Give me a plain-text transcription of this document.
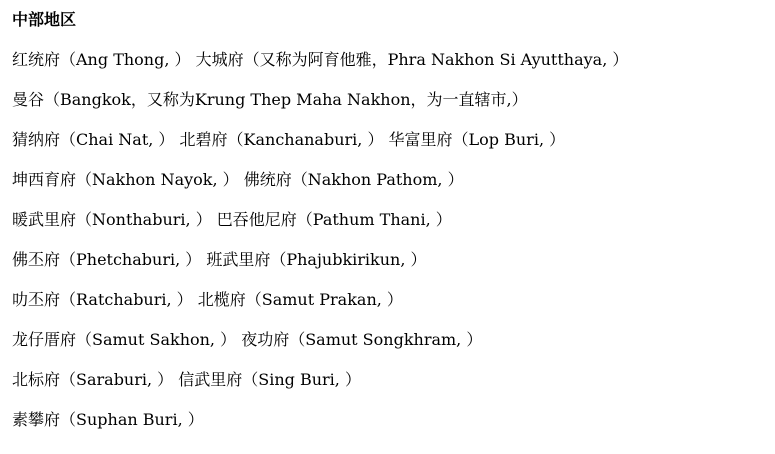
中部地区
红统府（Ang Thong, ） 大城府（又称为阿育他雅，Phra Nakhon Si Ayutthaya, ）
曼谷（Bangkok，又称为Krung Thep Maha Nakhon，为一直辖市,）
猜纳府（Chai Nat, ） 北碧府（Kanchanaburi, ） 华富里府（Lop Buri, ）
坤西育府（Nakhon Nayok, ） 佛统府（Nakhon Pathom, ）
暖武里府（Nonthaburi, ） 巴吞他尼府（Pathum Thani, ）
佛丕府（Phetchaburi, ） 班武里府（Phajubkirikun, ）
叻丕府（Ratchaburi, ） 北榄府（Samut Prakan, ）
龙仔厝府（Samut Sakhon, ） 夜功府（Samut Songkhram, ）
北标府（Saraburi, ） 信武里府（Sing Buri, ）
素攀府（Suphan Buri, ）
